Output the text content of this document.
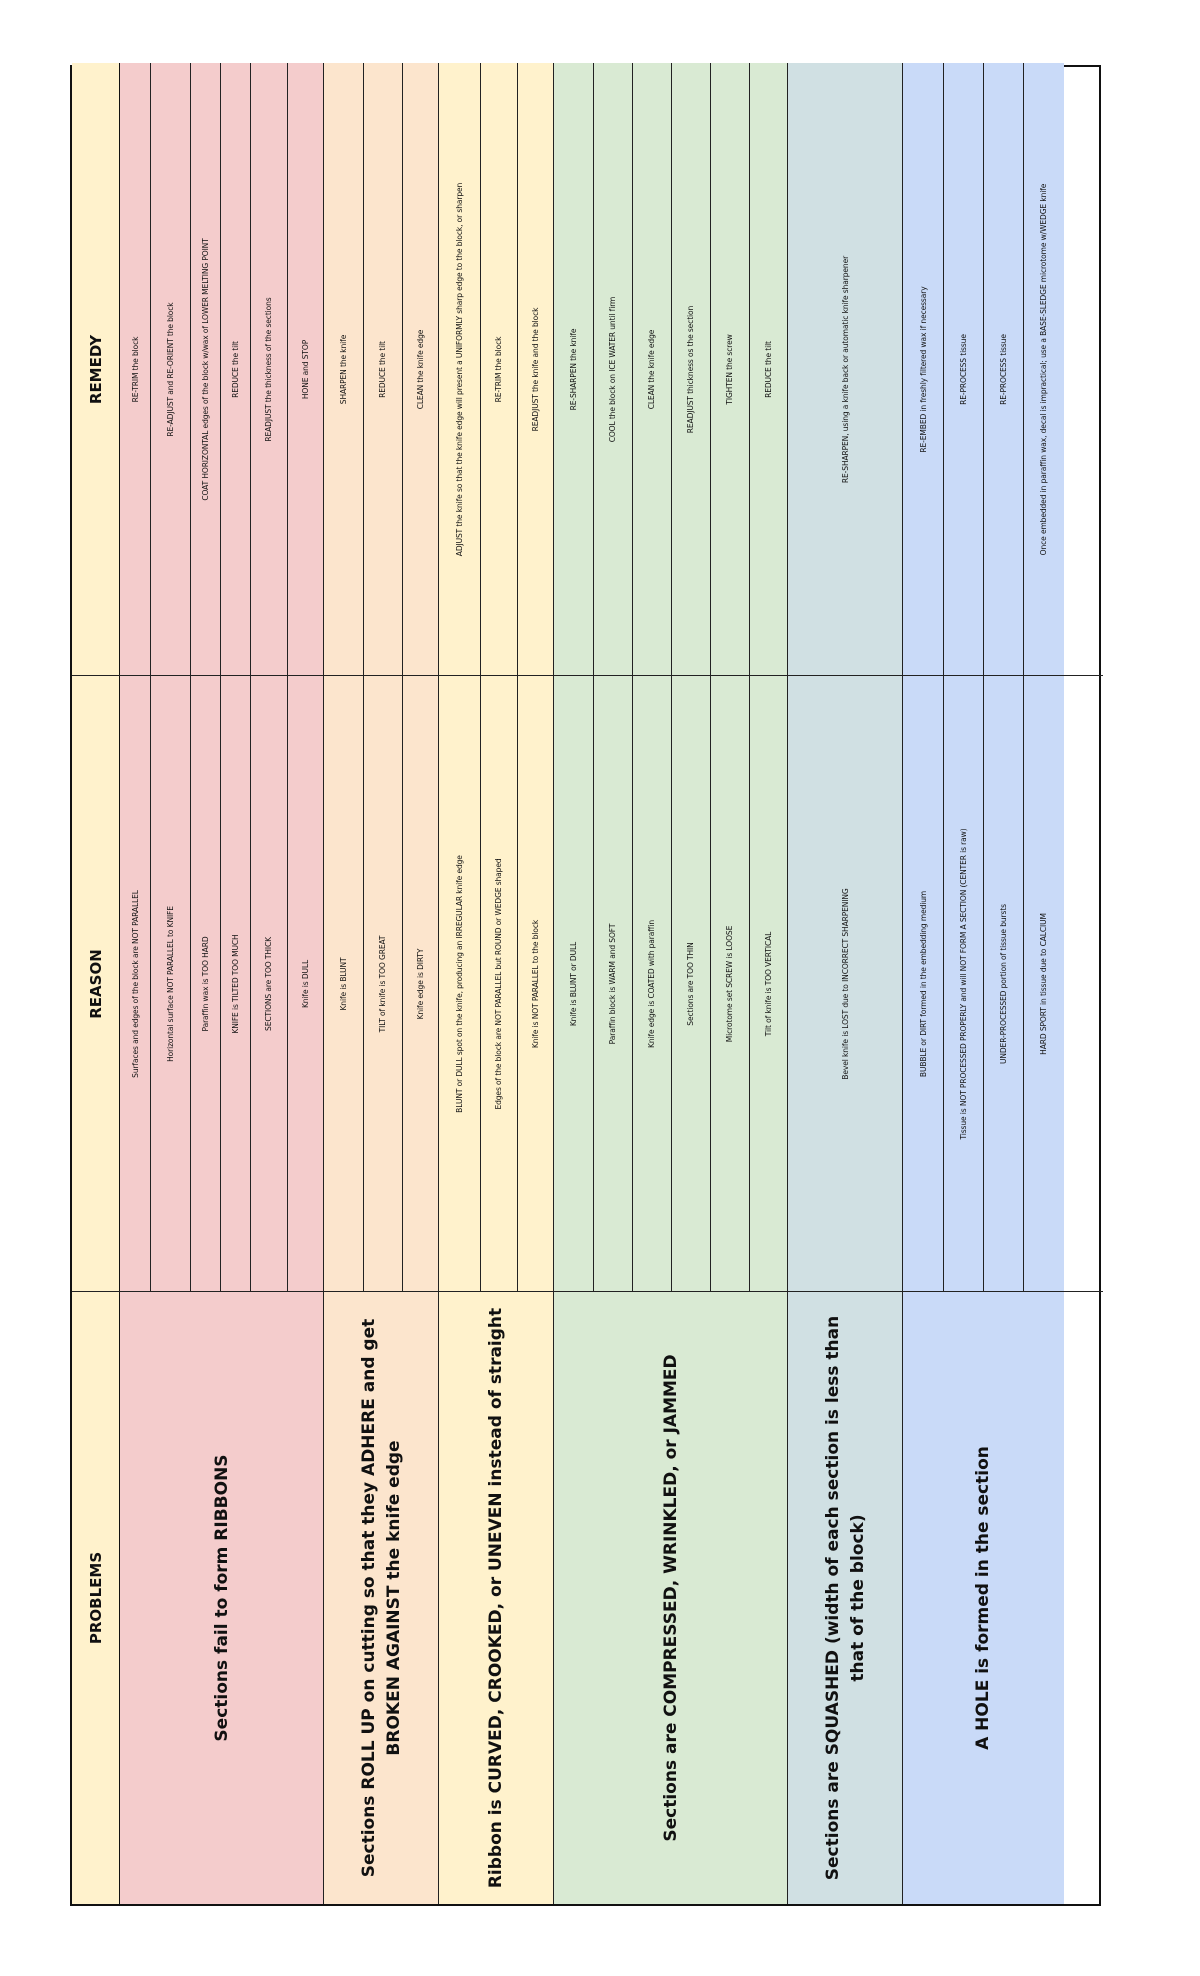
PROBLEMS
REASON
REMEDY
Sections fail to form RIBBONS
Surfaces and edges of the block are NOT PARALLEL
RE-TRIM the block
Horizontal surface NOT PARALLEL to KNIFE
RE-ADJUST and RE-ORIENT the block
Paraffin wax is TOO HARD
COAT HORIZONTAL edges of the block w/wax of LOWER MELTING POINT
KNIFE is TILTED TOO MUCH
REDUCE the tilt
SECTIONS are TOO THICK
READJUST the thickness of the sections
Knife is DULL
HONE and STOP
Sections ROLL UP on cutting so that they ADHERE and get BROKEN AGAINST the knife edge
Knife is BLUNT
SHARPEN the knife
TILT of knife is TOO GREAT
REDUCE the tilt
Knife edge is DIRTY
CLEAN the knife edge
Ribbon is CURVED, CROOKED, or UNEVEN instead of straight
BLUNT or DULL spot on the knife, producing an IRREGULAR knife edge
ADJUST the knife so that the knife edge will present a UNIFORMLY sharp edge to the block, or sharpen
Edges of the block are NOT PARALLEL but ROUND or WEDGE shaped
RE-TRIM the block
Knife is NOT PARALLEL to the block
READJUST the knife and the block
Sections are COMPRESSED, WRINKLED, or JAMMED
Knife is BLUNT or DULL
RE-SHARPEN the knife
Paraffin block is WARM and SOFT
COOL the block on ICE WATER until firm
Knife edge is COATED with paraffin
CLEAN the knife edge
Sections are TOO THIN
READJUST thickness os the section
Microtome set SCREW is LOOSE
TIGHTEN the screw
Tilt of knife is TOO VERTICAL
REDUCE the tilt
Sections are SQUASHED (width of each section is less than that of the block)
Bevel knife is LOST due to INCORRECT SHARPENING
RE-SHARPEN, using a knife back or automatic knife sharpener
A HOLE is formed in the section
BUBBLE or DIRT formed in the embedding medium
RE-EMBED in freshly filtered wax if necessary
Tissue is NOT PROCESSED PROPERLY and will NOT FORM A SECTION (CENTER is raw)
RE-PROCESS tissue
UNDER-PROCESSED portion of tissue bursts
RE-PROCESS tissue
HARD SPORT in tissue due to CALCIUM
Once embedded in paraffin wax, decal is impractical; use a BASE-SLEDGE microtome w/WEDGE knife
